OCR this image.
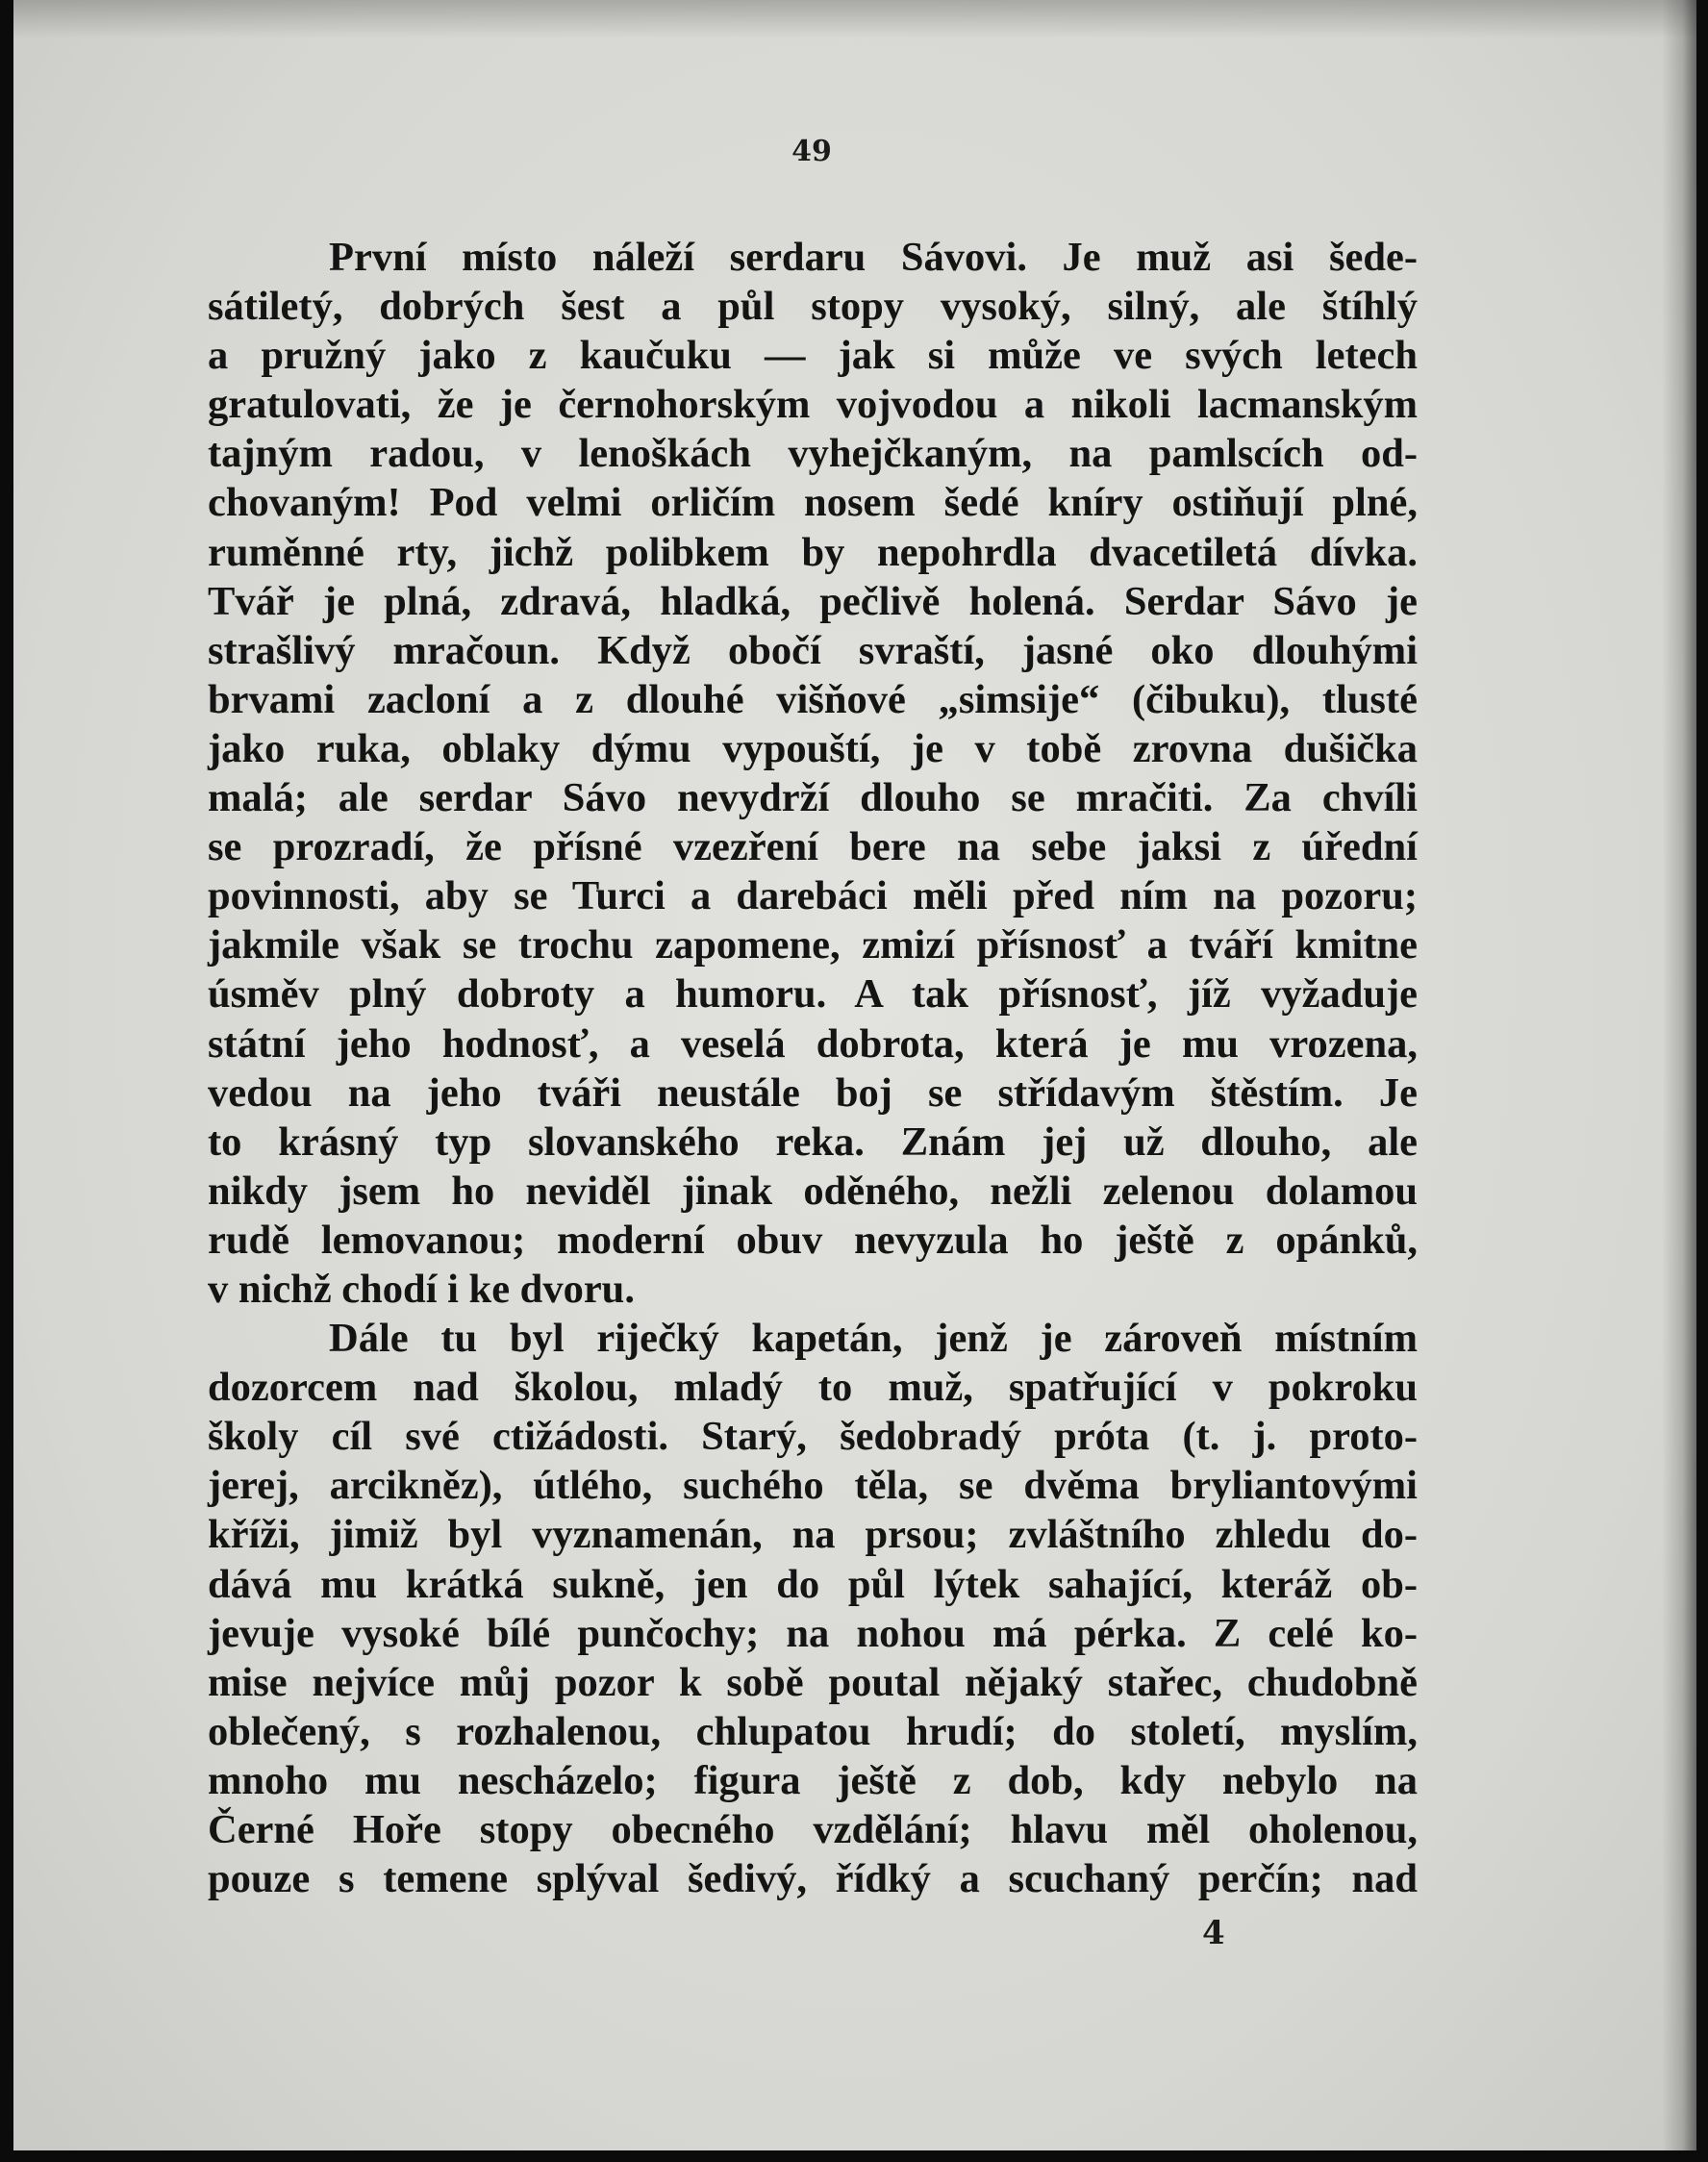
49
První místo náleží serdaru Sávovi. Je muž asi šede-
sátiletý, dobrých šest a půl stopy vysoký, silný, ale štíhlý
a pružný jako z kaučuku — jak si může ve svých letech
gratulovati, že je černohorským vojvodou a nikoli lacmanským
tajným radou, v lenoškách vyhejčkaným, na pamlscích od-
chovaným! Pod velmi orličím nosem šedé kníry ostiňují plné,
ruměnné rty, jichž polibkem by nepohrdla dvacetiletá dívka.
Tvář je plná, zdravá, hladká, pečlivě holená. Serdar Sávo je
strašlivý mračoun. Když obočí svraští, jasné oko dlouhými
brvami zacloní a z dlouhé višňové „simsije“ (čibuku), tlusté
jako ruka, oblaky dýmu vypouští, je v tobě zrovna dušička
malá; ale serdar Sávo nevydrží dlouho se mračiti. Za chvíli
se prozradí, že přísné vzezření bere na sebe jaksi z úřední
povinnosti, aby se Turci a darebáci měli před ním na pozoru;
jakmile však se trochu zapomene, zmizí přísnosť a tváří kmitne
úsměv plný dobroty a humoru. A tak přísnosť, jíž vyžaduje
státní jeho hodnosť, a veselá dobrota, která je mu vrozena,
vedou na jeho tváři neustále boj se střídavým štěstím. Je
to krásný typ slovanského reka. Znám jej už dlouho, ale
nikdy jsem ho neviděl jinak oděného, nežli zelenou dolamou
rudě lemovanou; moderní obuv nevyzula ho ještě z opánků,
v nichž chodí i ke dvoru.
Dále tu byl riječký kapetán, jenž je zároveň místním
dozorcem nad školou, mladý to muž, spatřující v pokroku
školy cíl své ctižádosti. Starý, šedobradý próta (t. j. proto-
jerej, arcikněz), útlého, suchého těla, se dvěma bryliantovými
kříži, jimiž byl vyznamenán, na prsou; zvláštního zhledu do-
dává mu krátká sukně, jen do půl lýtek sahající, kteráž ob-
jevuje vysoké bílé punčochy; na nohou má pérka. Z celé ko-
mise nejvíce můj pozor k sobě poutal nějaký stařec, chudobně
oblečený, s rozhalenou, chlupatou hrudí; do století, myslím,
mnoho mu nescházelo; figura ještě z dob, kdy nebylo na
Černé Hoře stopy obecného vzdělání; hlavu měl oholenou,
pouze s temene splýval šedivý, řídký a scuchaný perčín; nad
4
